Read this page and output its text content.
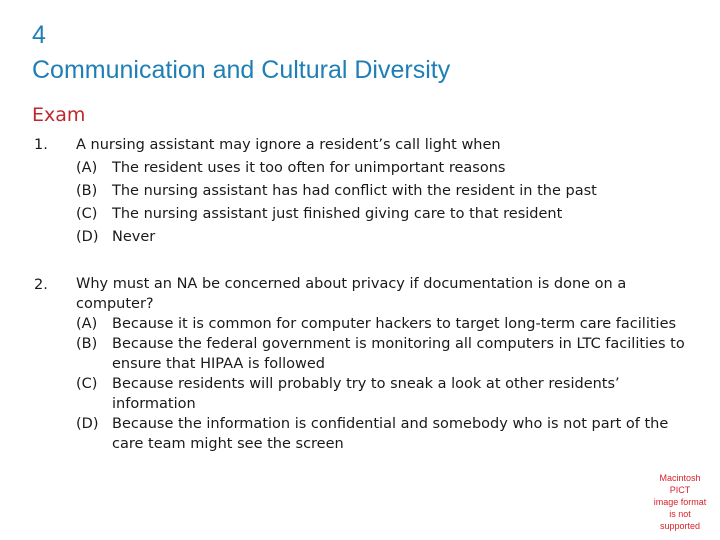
4
Communication and Cultural Diversity
Exam
1. A nursing assistant may ignore a resident’s call light when
(A)	The resident uses it too often for unimportant reasons
(B)	The nursing assistant has had conflict with the resident in the past
(C)	The nursing assistant just finished giving care to that resident
(D) Never
2. Why must an NA be concerned about privacy if documentation is done on a computer?
(A)	Because it is common for computer hackers to target long-term care facilities
(B)	Because the federal government is monitoring all computers in LTC facilities to ensure that HIPAA is followed
(C)	Because residents will probably try to sneak a look at other residents’ information
(D) Because the information is confidential and somebody who is not part of the care team might see the screen
Macintosh PICT
image format
is not supported
